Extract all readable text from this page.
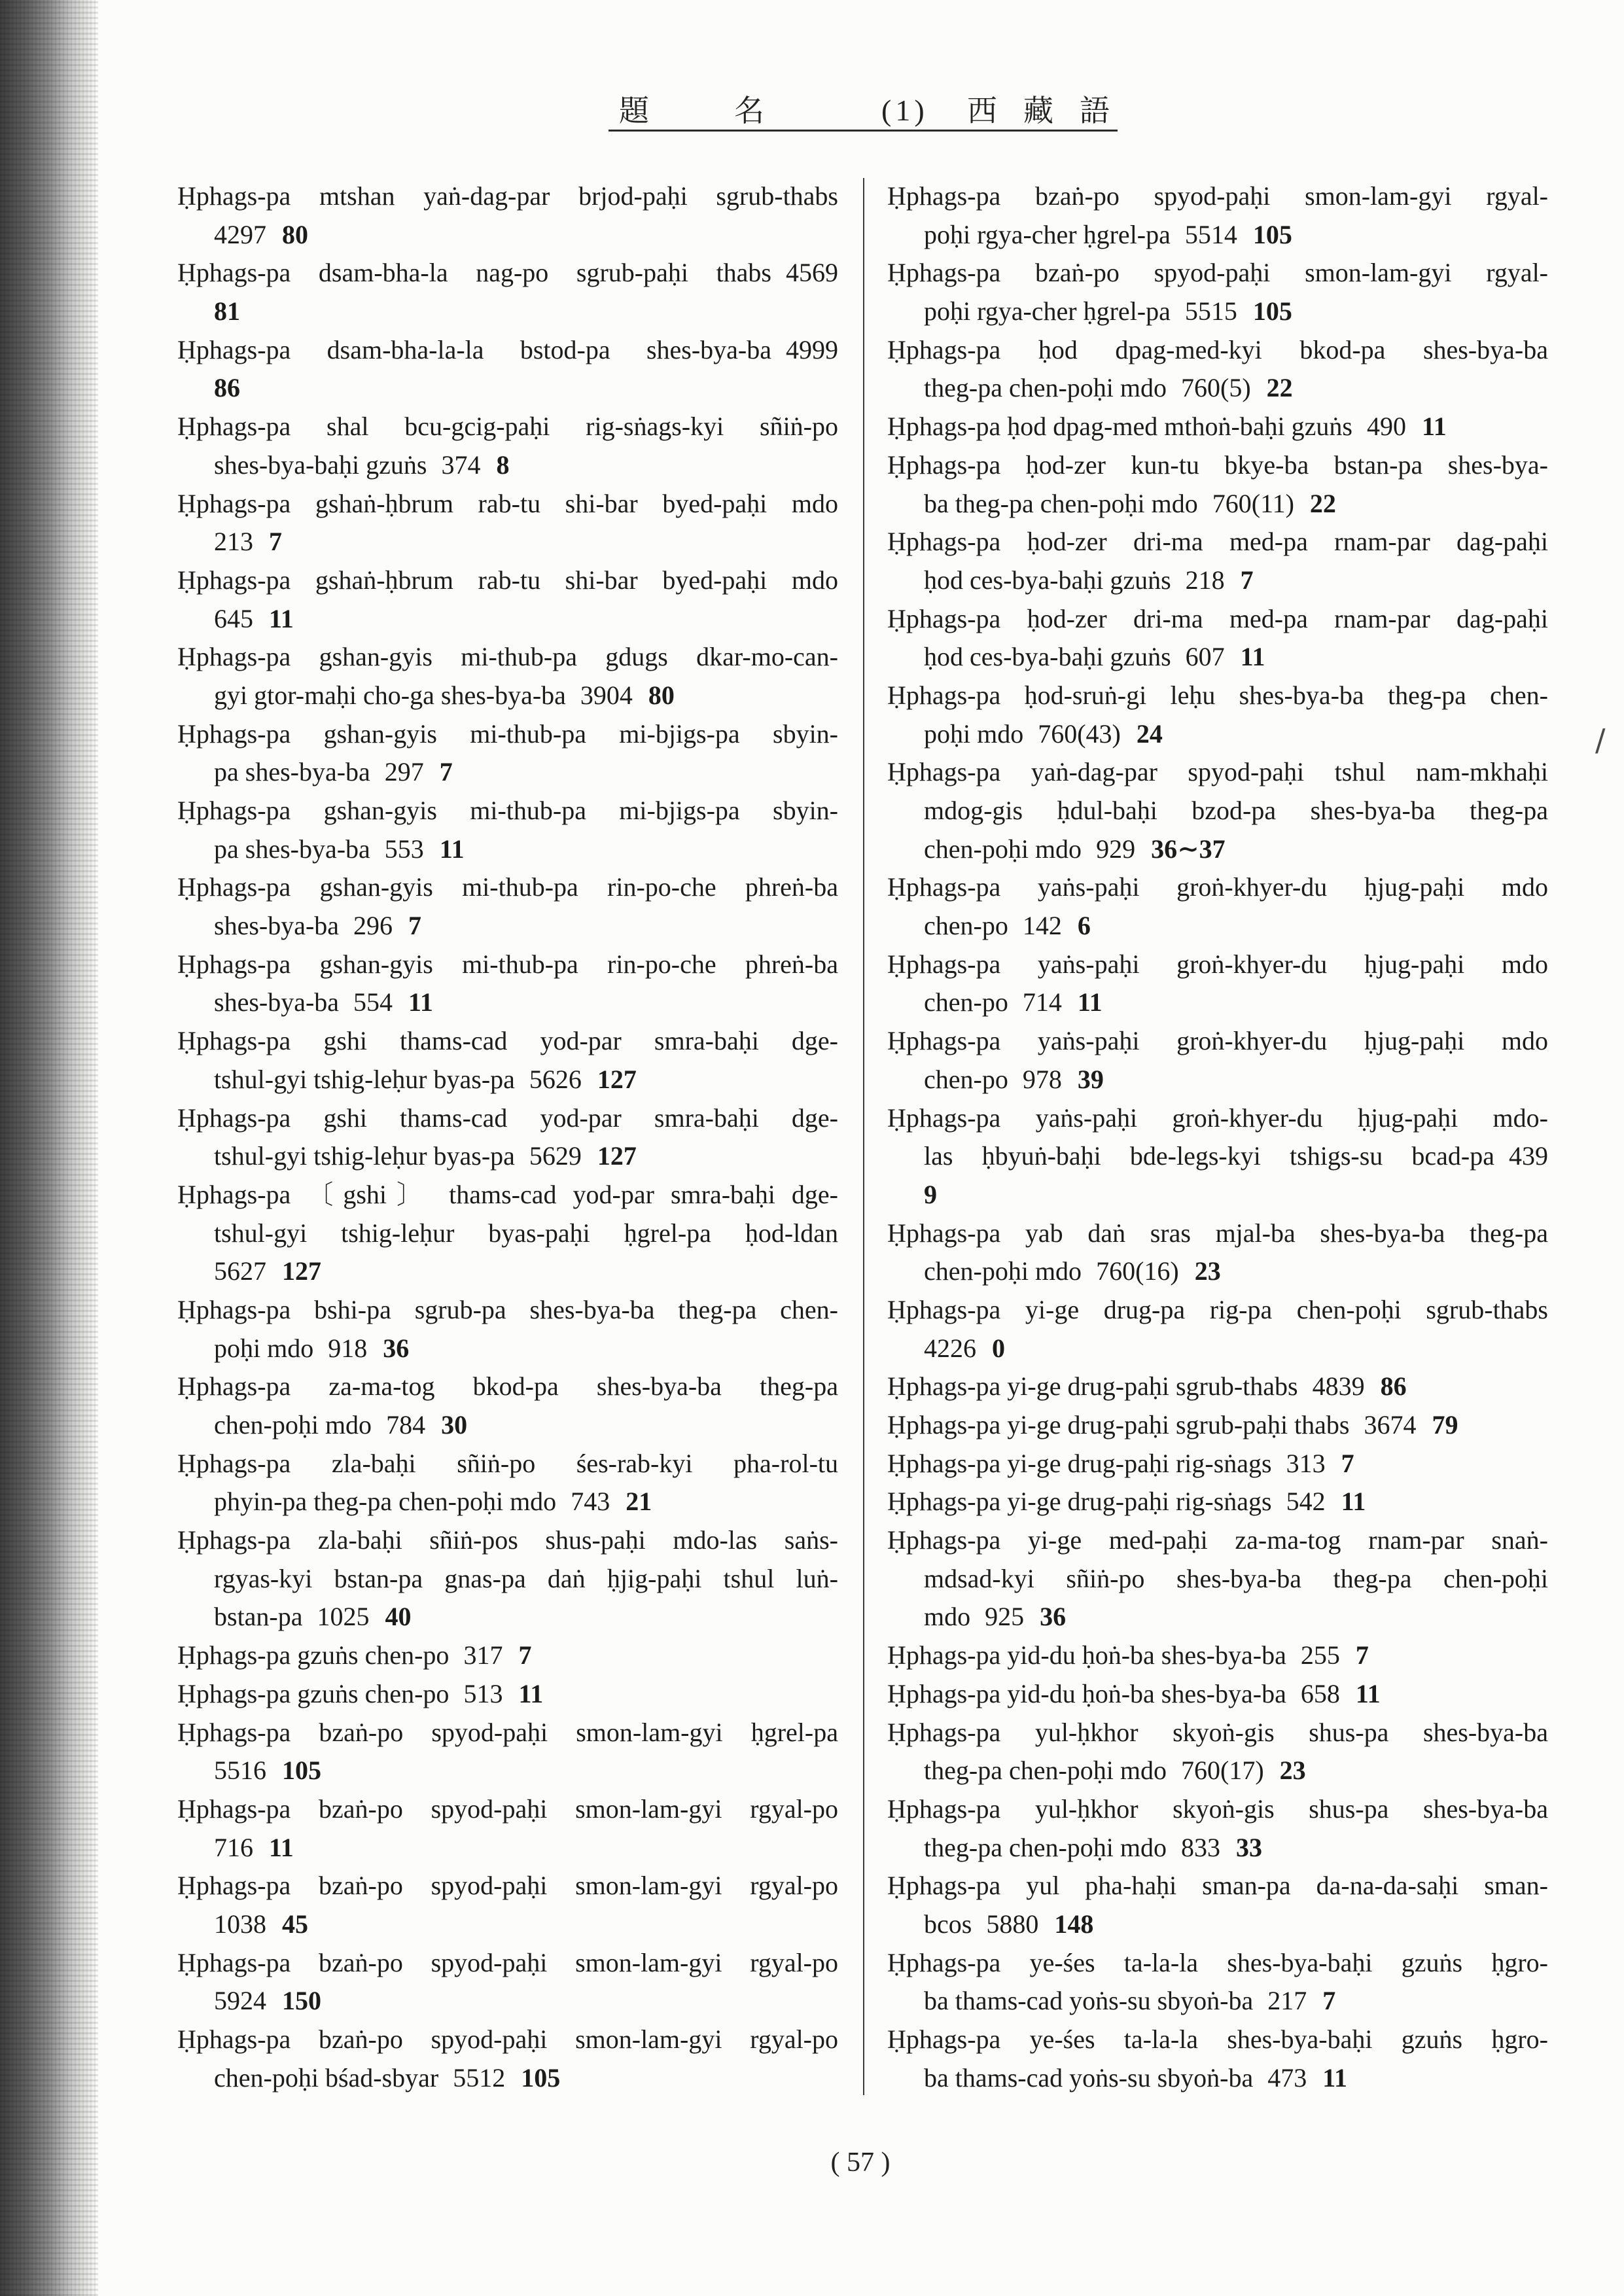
題名 (1) 西藏語
Ḥphags-pa mtshan yaṅ-dag-par brjod-paḥi sgrub-thabs
4297 80
Ḥphags-pa dsam-bha-la nag-po sgrub-paḥi thabs 4569
81
Ḥphags-pa dsam-bha-la-la bstod-pa shes-bya-ba 4999
86
Ḥphags-pa shal bcu-gcig-paḥi rig-sṅags-kyi sñiṅ-po
shes-bya-baḥi gzuṅs 374 8
Ḥphags-pa gshaṅ-ḥbrum rab-tu shi-bar byed-paḥi mdo
213 7
Ḥphags-pa gshaṅ-ḥbrum rab-tu shi-bar byed-paḥi mdo
645 11
Ḥphags-pa gshan-gyis mi-thub-pa gdugs dkar-mo-can-
gyi gtor-maḥi cho-ga shes-bya-ba 3904 80
Ḥphags-pa gshan-gyis mi-thub-pa mi-bjigs-pa sbyin-
pa shes-bya-ba 297 7
Ḥphags-pa gshan-gyis mi-thub-pa mi-bjigs-pa sbyin-
pa shes-bya-ba 553 11
Ḥphags-pa gshan-gyis mi-thub-pa rin-po-che phreṅ-ba
shes-bya-ba 296 7
Ḥphags-pa gshan-gyis mi-thub-pa rin-po-che phreṅ-ba
shes-bya-ba 554 11
Ḥphags-pa gshi thams-cad yod-par smra-baḥi dge-
tshul-gyi tshig-leḥur byas-pa 5626 127
Ḥphags-pa gshi thams-cad yod-par smra-baḥi dge-
tshul-gyi tshig-leḥur byas-pa 5629 127
Ḥphags-pa 〔gshi〕 thams-cad yod-par smra-baḥi dge-
tshul-gyi tshig-leḥur byas-paḥi ḥgrel-pa ḥod-ldan
5627 127
Ḥphags-pa bshi-pa sgrub-pa shes-bya-ba theg-pa chen-
poḥi mdo 918 36
Ḥphags-pa za-ma-tog bkod-pa shes-bya-ba theg-pa
chen-poḥi mdo 784 30
Ḥphags-pa zla-baḥi sñiṅ-po śes-rab-kyi pha-rol-tu
phyin-pa theg-pa chen-poḥi mdo 743 21
Ḥphags-pa zla-baḥi sñiṅ-pos shus-paḥi mdo-las saṅs-
rgyas-kyi bstan-pa gnas-pa daṅ ḥjig-paḥi tshul luṅ-
bstan-pa 1025 40
Ḥphags-pa gzuṅs chen-po 317 7
Ḥphags-pa gzuṅs chen-po 513 11
Ḥphags-pa bzaṅ-po spyod-paḥi smon-lam-gyi ḥgrel-pa
5516 105
Ḥphags-pa bzaṅ-po spyod-paḥi smon-lam-gyi rgyal-po
716 11
Ḥphags-pa bzaṅ-po spyod-paḥi smon-lam-gyi rgyal-po
1038 45
Ḥphags-pa bzaṅ-po spyod-paḥi smon-lam-gyi rgyal-po
5924 150
Ḥphags-pa bzaṅ-po spyod-paḥi smon-lam-gyi rgyal-po
chen-poḥi bśad-sbyar 5512 105
Ḥphags-pa bzaṅ-po spyod-paḥi smon-lam-gyi rgyal-
poḥi rgya-cher ḥgrel-pa 5514 105
Ḥphags-pa bzaṅ-po spyod-paḥi smon-lam-gyi rgyal-
poḥi rgya-cher ḥgrel-pa 5515 105
Ḥphags-pa ḥod dpag-med-kyi bkod-pa shes-bya-ba
theg-pa chen-poḥi mdo 760(5) 22
Ḥphags-pa ḥod dpag-med mthoṅ-baḥi gzuṅs 490 11
Ḥphags-pa ḥod-zer kun-tu bkye-ba bstan-pa shes-bya-
ba theg-pa chen-poḥi mdo 760(11) 22
Ḥphags-pa ḥod-zer dri-ma med-pa rnam-par dag-paḥi
ḥod ces-bya-baḥi gzuṅs 218 7
Ḥphags-pa ḥod-zer dri-ma med-pa rnam-par dag-paḥi
ḥod ces-bya-baḥi gzuṅs 607 11
Ḥphags-pa ḥod-sruṅ-gi leḥu shes-bya-ba theg-pa chen-
poḥi mdo 760(43) 24
Ḥphags-pa yaṅ-dag-par spyod-paḥi tshul nam-mkhaḥi
mdog-gis ḥdul-baḥi bzod-pa shes-bya-ba theg-pa
chen-poḥi mdo 929 36∼37
Ḥphags-pa yaṅs-paḥi groṅ-khyer-du ḥjug-paḥi mdo
chen-po 142 6
Ḥphags-pa yaṅs-paḥi groṅ-khyer-du ḥjug-paḥi mdo
chen-po 714 11
Ḥphags-pa yaṅs-paḥi groṅ-khyer-du ḥjug-paḥi mdo
chen-po 978 39
Ḥphags-pa yaṅs-paḥi groṅ-khyer-du ḥjug-paḥi mdo-
las ḥbyuṅ-baḥi bde-legs-kyi tshigs-su bcad-pa 439
9
Ḥphags-pa yab daṅ sras mjal-ba shes-bya-ba theg-pa
chen-poḥi mdo 760(16) 23
Ḥphags-pa yi-ge drug-pa rig-pa chen-poḥi sgrub-thabs
4226 0
Ḥphags-pa yi-ge drug-paḥi sgrub-thabs 4839 86
Ḥphags-pa yi-ge drug-paḥi sgrub-paḥi thabs 3674 79
Ḥphags-pa yi-ge drug-paḥi rig-sṅags 313 7
Ḥphags-pa yi-ge drug-paḥi rig-sṅags 542 11
Ḥphags-pa yi-ge med-paḥi za-ma-tog rnam-par snaṅ-
mdsad-kyi sñiṅ-po shes-bya-ba theg-pa chen-poḥi
mdo 925 36
Ḥphags-pa yid-du ḥoṅ-ba shes-bya-ba 255 7
Ḥphags-pa yid-du ḥoṅ-ba shes-bya-ba 658 11
Ḥphags-pa yul-ḥkhor skyoṅ-gis shus-pa shes-bya-ba
theg-pa chen-poḥi mdo 760(17) 23
Ḥphags-pa yul-ḥkhor skyoṅ-gis shus-pa shes-bya-ba
theg-pa chen-poḥi mdo 833 33
Ḥphags-pa yul pha-haḥi sman-pa da-na-da-saḥi sman-
bcos 5880 148
Ḥphags-pa ye-śes ta-la-la shes-bya-baḥi gzuṅs ḥgro-
ba thams-cad yoṅs-su sbyoṅ-ba 217 7
Ḥphags-pa ye-śes ta-la-la shes-bya-baḥi gzuṅs ḥgro-
ba thams-cad yoṅs-su sbyoṅ-ba 473 11
/
( 57 )
